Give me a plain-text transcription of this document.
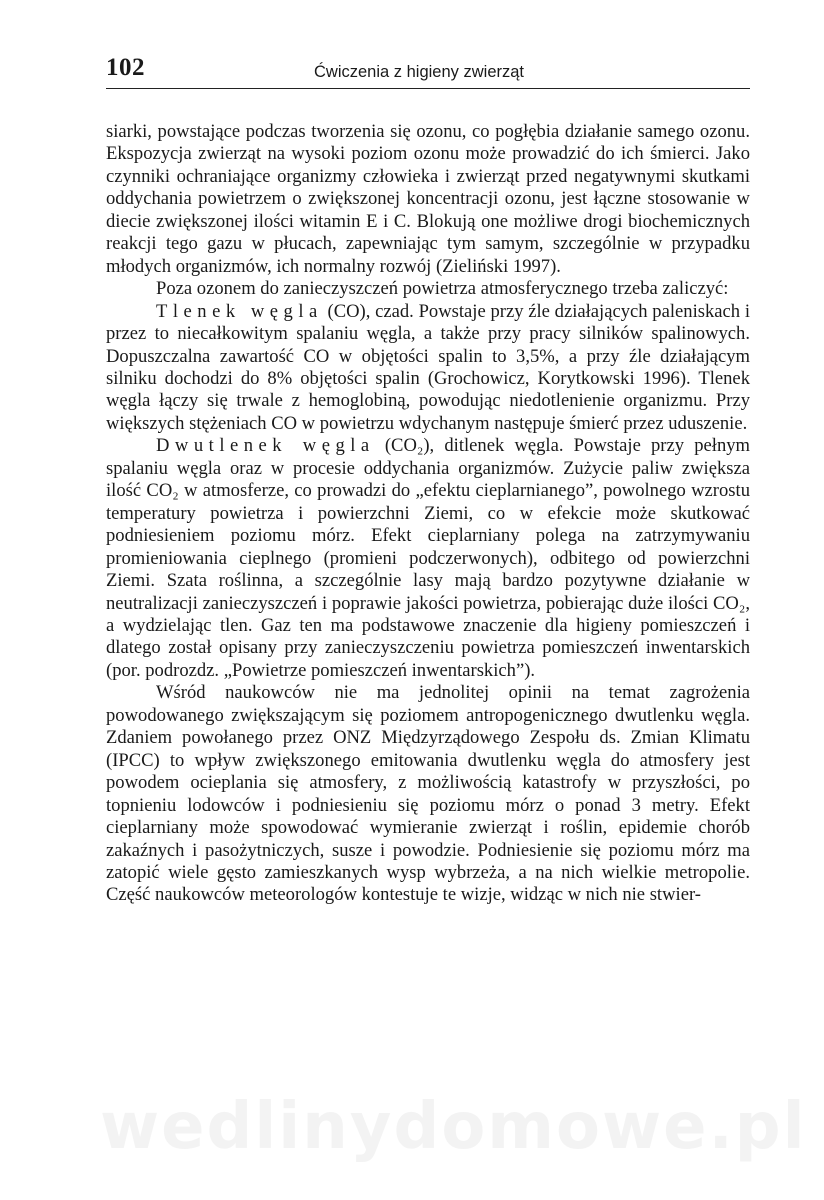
102	Ćwiczenia z higieny zwierząt

siarki, powstające podczas tworzenia się ozonu, co pogłębia działanie samego ozonu. Ekspozycja zwierząt na wysoki poziom ozonu może prowadzić do ich śmierci. Jako czynniki ochraniające organizmy człowieka i zwierząt przed negatywnymi skutkami oddychania powietrzem o zwiększonej koncentracji ozonu, jest łączne stosowanie w diecie zwiększonej ilości witamin E i C. Blokują one możliwe drogi biochemicznych reakcji tego gazu w płucach, zapewniając tym samym, szczególnie w przypadku młodych organizmów, ich normalny rozwój (Zieliński 1997).

Poza ozonem do zanieczyszczeń powietrza atmosferycznego trzeba zaliczyć:

Tlenek węgla (CO), czad. Powstaje przy źle działających paleniskach i przez to niecałkowitym spalaniu węgla, a także przy pracy silników spalinowych. Dopuszczalna zawartość CO w objętości spalin to 3,5%, a przy źle działającym silniku dochodzi do 8% objętości spalin (Grochowicz, Korytkowski 1996). Tlenek węgla łączy się trwale z hemoglobiną, powodując niedotlenienie organizmu. Przy większych stężeniach CO w powietrzu wdychanym następuje śmierć przez uduszenie.

Dwutlenek węgla (CO₂), ditlenek węgla. Powstaje przy pełnym spalaniu węgla oraz w procesie oddychania organizmów. Zużycie paliw zwiększa ilość CO₂ w atmosferze, co prowadzi do „efektu cieplarnianego”, powolnego wzrostu temperatury powietrza i powierzchni Ziemi, co w efekcie może skutkować podniesieniem poziomu mórz. Efekt cieplarniany polega na zatrzymywaniu promieniowania cieplnego (promieni podczerwonych), odbitego od powierzchni Ziemi. Szata roślinna, a szczególnie lasy mają bardzo pozytywne działanie w neutralizacji zanieczyszczeń i poprawie jakości powietrza, pobierając duże ilości CO₂, a wydzielając tlen. Gaz ten ma podstawowe znaczenie dla higieny pomieszczeń i dlatego został opisany przy zanieczyszczeniu powietrza pomieszczeń inwentarskich (por. podrozdz. „Powietrze pomieszczeń inwentarskich”).

Wśród naukowców nie ma jednolitej opinii na temat zagrożenia powodowanego zwiększającym się poziomem antropogenicznego dwutlenku węgla. Zdaniem powołanego przez ONZ Międzyrządowego Zespołu ds. Zmian Klimatu (IPCC) to wpływ zwiększonego emitowania dwutlenku węgla do atmosfery jest powodem ocieplania się atmosfery, z możliwością katastrofy w przyszłości, po topnieniu lodowców i podniesieniu się poziomu mórz o ponad 3 metry. Efekt cieplarniany może spowodować wymieranie zwierząt i roślin, epidemie chorób zakaźnych i pasożytniczych, susze i powodzie. Podniesienie się poziomu mórz ma zatopić wiele gęsto zamieszkanych wysp wybrzeża, a na nich wielkie metropolie. Część naukowców meteorologów kontestuje te wizje, widząc w nich nie stwier-

wedlinydomowe.pl
